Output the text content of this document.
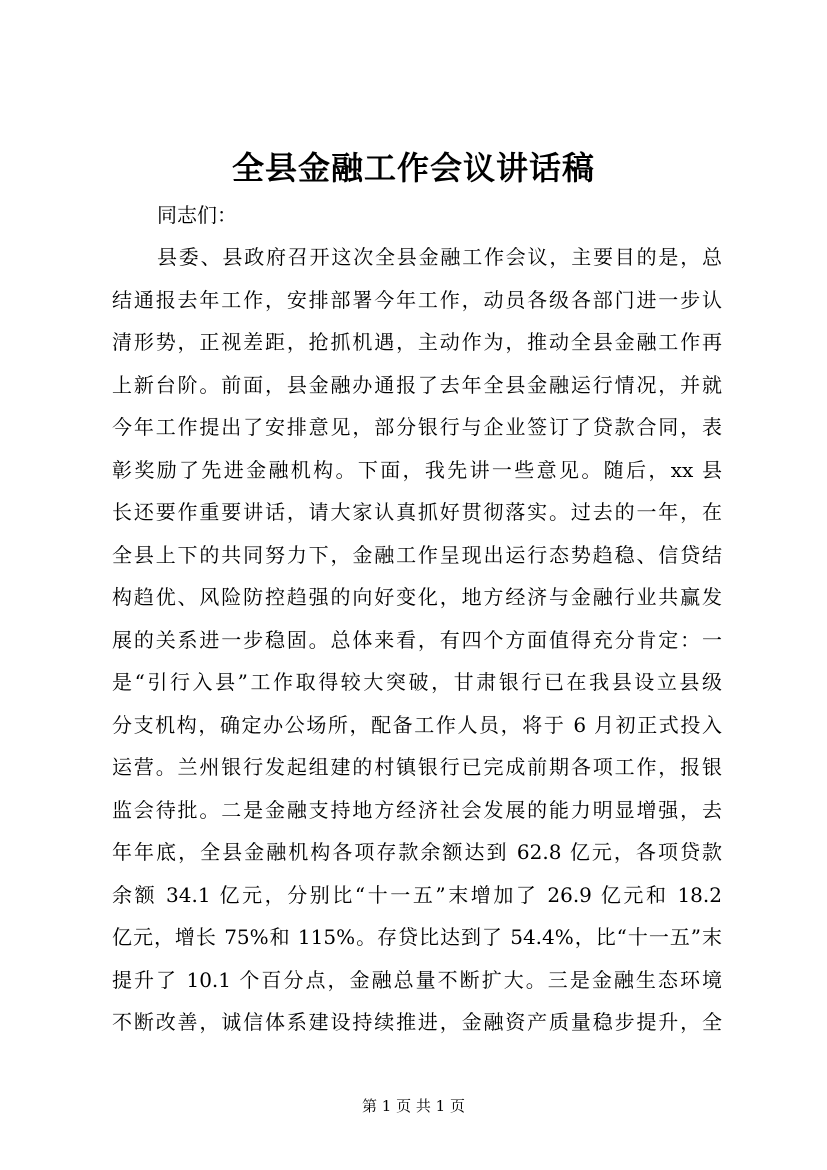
全县金融工作会议讲话稿
同志们：
县委、县政府召开这次全县金融工作会议，主要目的是，总
结通报去年工作，安排部署今年工作，动员各级各部门进一步认
清形势，正视差距，抢抓机遇，主动作为，推动全县金融工作再
上新台阶。前面，县金融办通报了去年全县金融运行情况，并就
今年工作提出了安排意见，部分银行与企业签订了贷款合同，表
彰奖励了先进金融机构。下面，我先讲一些意见。随后，xx 县
长还要作重要讲话，请大家认真抓好贯彻落实。过去的一年，在
全县上下的共同努力下，金融工作呈现出运行态势趋稳、信贷结
构趋优、风险防控趋强的向好变化，地方经济与金融行业共赢发
展的关系进一步稳固。总体来看，有四个方面值得充分肯定：一
是“引行入县”工作取得较大突破，甘肃银行已在我县设立县级
分支机构，确定办公场所，配备工作人员，将于 6 月初正式投入
运营。兰州银行发起组建的村镇银行已完成前期各项工作，报银
监会待批。二是金融支持地方经济社会发展的能力明显增强，去
年年底，全县金融机构各项存款余额达到 62.8 亿元，各项贷款
余额 34.1 亿元，分别比“十一五”末增加了 26.9 亿元和 18.2
亿元，增长 75%和 115%。存贷比达到了 54.4%，比“十一五”末
提升了 10.1 个百分点，金融总量不断扩大。三是金融生态环境
不断改善，诚信体系建设持续推进，金融资产质量稳步提升，全
第 1 页 共 1 页
